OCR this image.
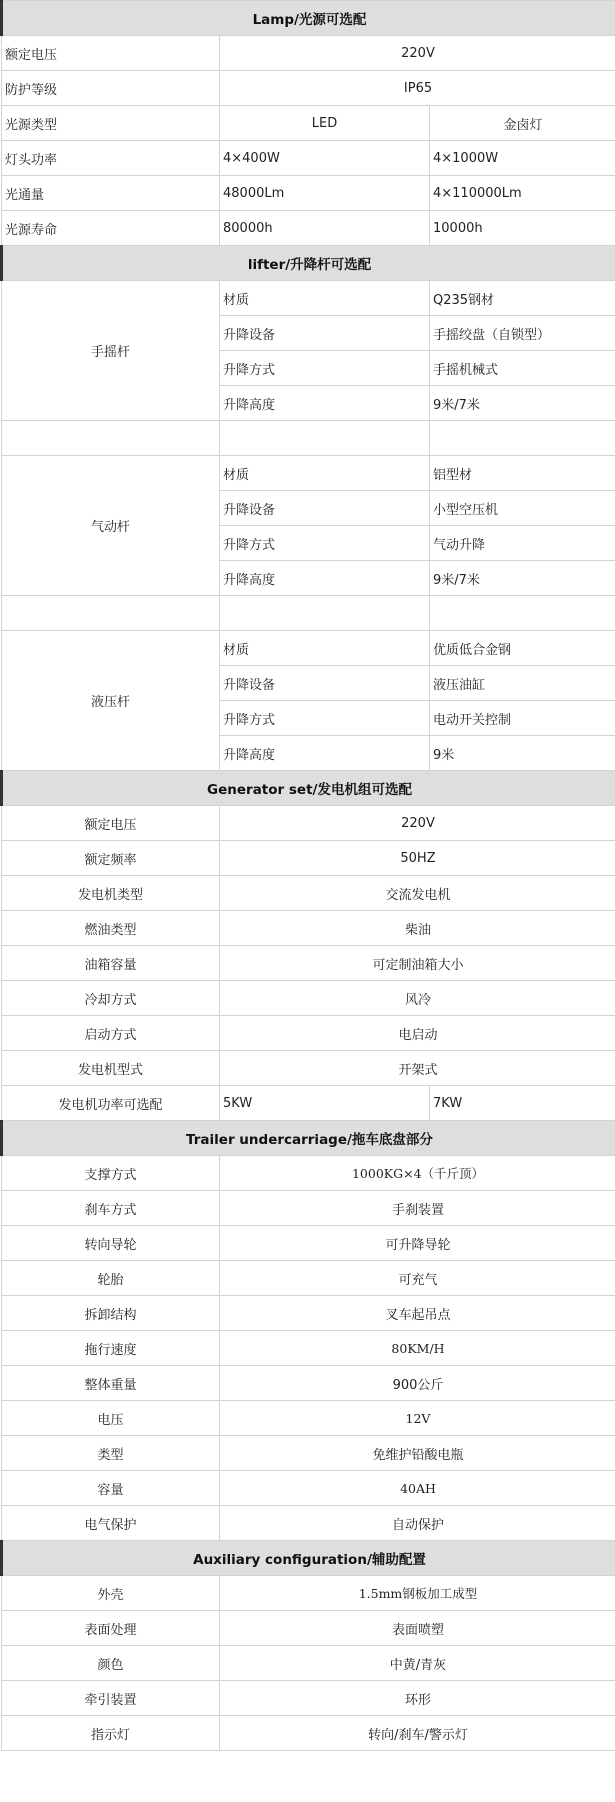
Lamp/光源可选配		
额定电压	220V	
防护等级	IP65	
光源类型	LED	金卤灯
灯头功率	4×400W	4×1000W
光通量	48000Lm	4×110000Lm
光源寿命	80000h	10000h
lifter/升降杆可选配		
手摇杆	材质	Q235钢材
	升降设备	手摇绞盘（自锁型）
	升降方式	手摇机械式
	升降高度	9米/7米

气动杆	材质	铝型材
	升降设备	小型空压机
	升降方式	气动升降
	升降高度	9米/7米

液压杆	材质	优质低合金钢
	升降设备	液压油缸
	升降方式	电动开关控制
	升降高度	9米
Generator set/发电机组可选配		
额定电压	220V	
额定频率	50HZ	
发电机类型	交流发电机	
燃油类型	柴油	
油箱容量	可定制油箱大小	
冷却方式	风冷	
启动方式	电启动	
发电机型式	开架式	
发电机功率可选配	5KW	7KW
Trailer undercarriage/拖车底盘部分		
支撑方式	1000KG×4（千斤顶）	
刹车方式	手刹装置	
转向导轮	可升降导轮	
轮胎	可充气	
拆卸结构	叉车起吊点	
拖行速度	80KM/H	
整体重量	900公斤	
电压	12V	
类型	免维护铅酸电瓶	
容量	40AH	
电气保护	自动保护	
Auxiliary configuration/辅助配置		
外壳	1.5mm钢板加工成型	
表面处理	表面喷塑	
颜色	中黄/青灰	
牵引装置	环形	
指示灯	转向/刹车/警示灯	
